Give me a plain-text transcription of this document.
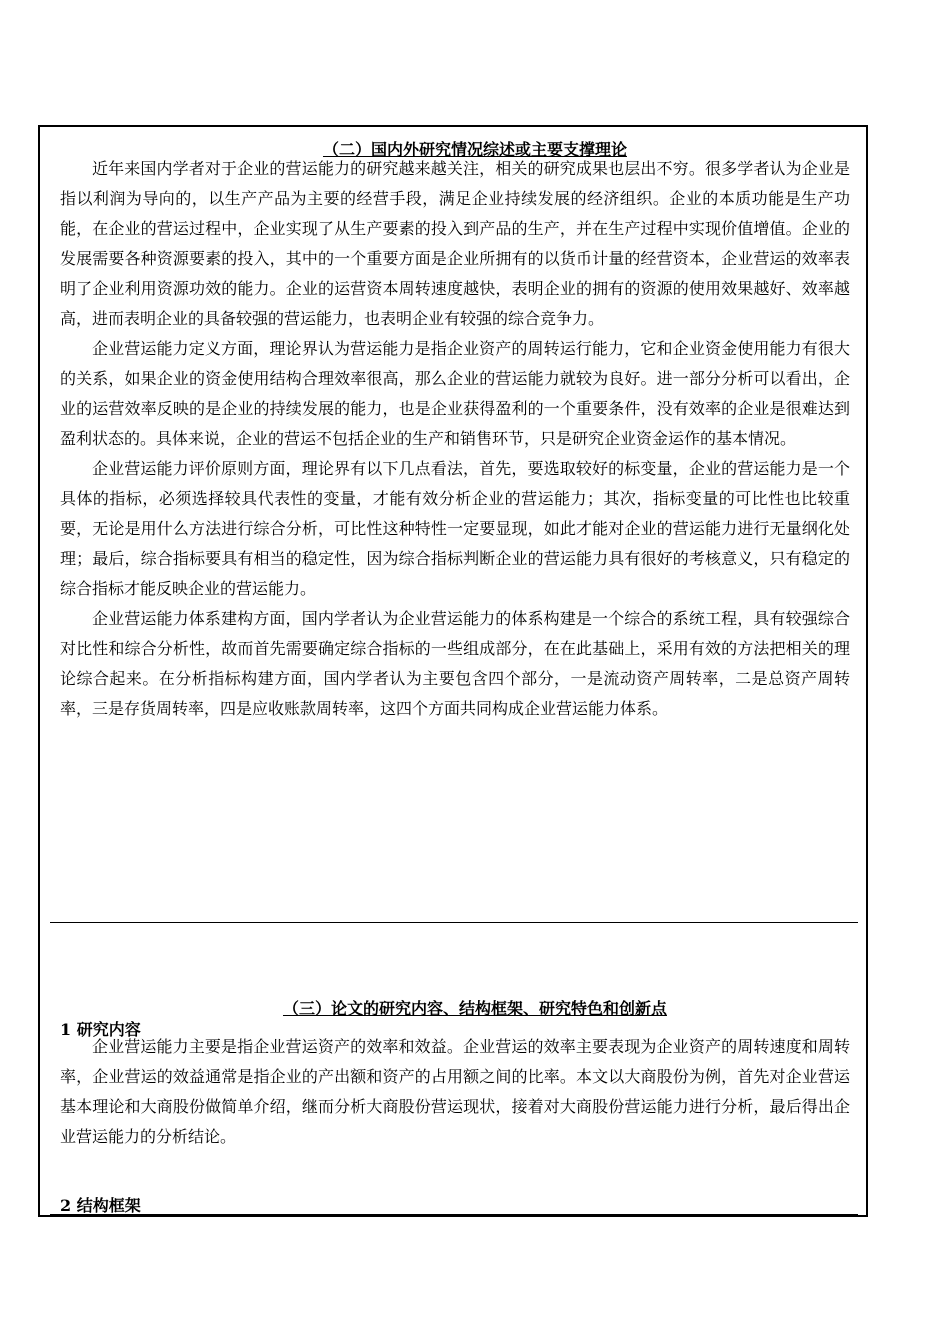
（二）国内外研究情况综述或主要支撑理论

近年来国内学者对于企业的营运能力的研究越来越关注，相关的研究成果也层出不穷。很多学者认为企业是指以利润为导向的，以生产产品为主要的经营手段，满足企业持续发展的经济组织。企业的本质功能是生产功能，在企业的营运过程中，企业实现了从生产要素的投入到产品的生产，并在生产过程中实现价值增值。企业的发展需要各种资源要素的投入，其中的一个重要方面是企业所拥有的以货币计量的经营资本，企业营运的效率表明了企业利用资源功效的能力。企业的运营资本周转速度越快，表明企业的拥有的资源的使用效果越好、效率越高，进而表明企业的具备较强的营运能力，也表明企业有较强的综合竞争力。

企业营运能力定义方面，理论界认为营运能力是指企业资产的周转运行能力，它和企业资金使用能力有很大的关系，如果企业的资金使用结构合理效率很高，那么企业的营运能力就较为良好。进一部分分析可以看出，企业的运营效率反映的是企业的持续发展的能力，也是企业获得盈利的一个重要条件，没有效率的企业是很难达到盈利状态的。具体来说，企业的营运不包括企业的生产和销售环节，只是研究企业资金运作的基本情况。

企业营运能力评价原则方面，理论界有以下几点看法，首先，要选取较好的标变量，企业的营运能力是一个具体的指标，必须选择较具代表性的变量，才能有效分析企业的营运能力；其次，指标变量的可比性也比较重要，无论是用什么方法进行综合分析，可比性这种特性一定要显现，如此才能对企业的营运能力进行无量纲化处理；最后，综合指标要具有相当的稳定性，因为综合指标判断企业的营运能力具有很好的考核意义，只有稳定的综合指标才能反映企业的营运能力。

企业营运能力体系建构方面，国内学者认为企业营运能力的体系构建是一个综合的系统工程，具有较强综合对比性和综合分析性，故而首先需要确定综合指标的一些组成部分，在在此基础上，采用有效的方法把相关的理论综合起来。在分析指标构建方面，国内学者认为主要包含四个部分，一是流动资产周转率，二是总资产周转率，三是存货周转率，四是应收账款周转率，这四个方面共同构成企业营运能力体系。

（三）论文的研究内容、结构框架、研究特色和创新点
1 研究内容

企业营运能力主要是指企业营运资产的效率和效益。企业营运的效率主要表现为企业资产的周转速度和周转率，企业营运的效益通常是指企业的产出额和资产的占用额之间的比率。本文以大商股份为例，首先对企业营运基本理论和大商股份做简单介绍，继而分析大商股份营运现状，接着对大商股份营运能力进行分析，最后得出企业营运能力的分析结论。

2 结构框架
